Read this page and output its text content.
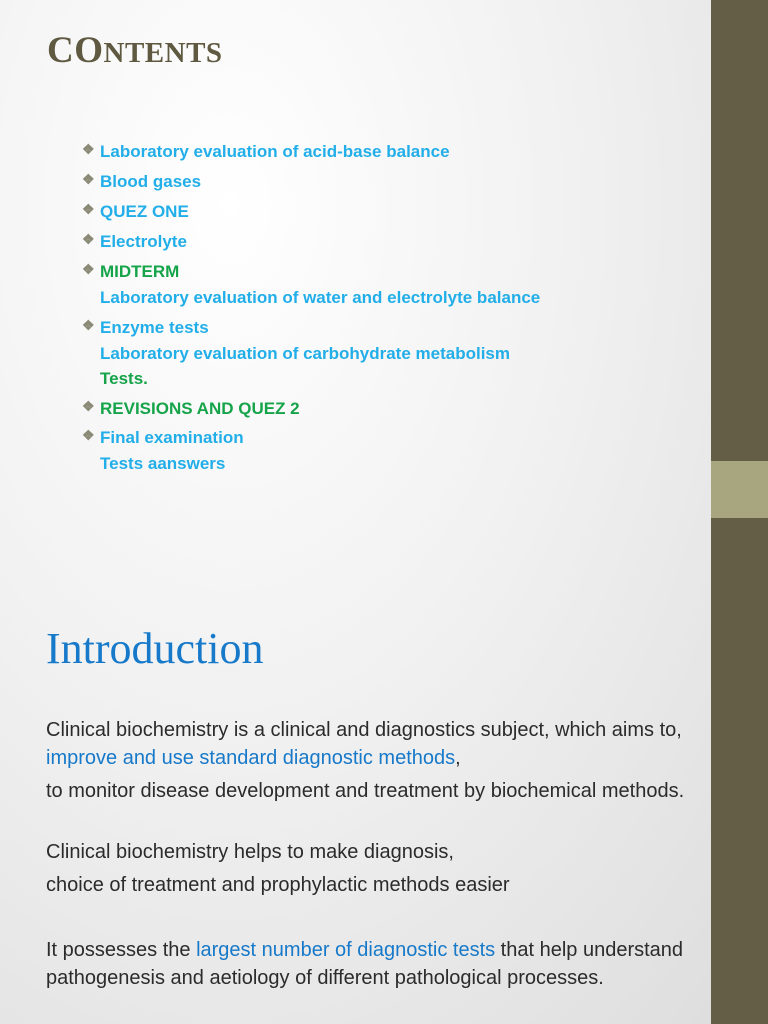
CONTENTS
❖ Laboratory evaluation of acid-base balance
❖ Blood gases
❖ QUEZ ONE
❖ Electrolyte
❖ MIDTERM
Laboratory evaluation of water and electrolyte balance
❖ Enzyme tests
Laboratory evaluation of carbohydrate metabolism
Tests.
❖ REVISIONS AND QUEZ 2
❖ Final examination
Tests aanswers
Introduction
Clinical biochemistry is a clinical and diagnostics subject, which aims to, improve and use standard diagnostic methods,
to monitor disease development and treatment by biochemical methods.
Clinical biochemistry helps to make diagnosis,
choice of treatment and prophylactic methods easier
It possesses the largest number of diagnostic tests that help understand pathogenesis and aetiology of different pathological processes.
